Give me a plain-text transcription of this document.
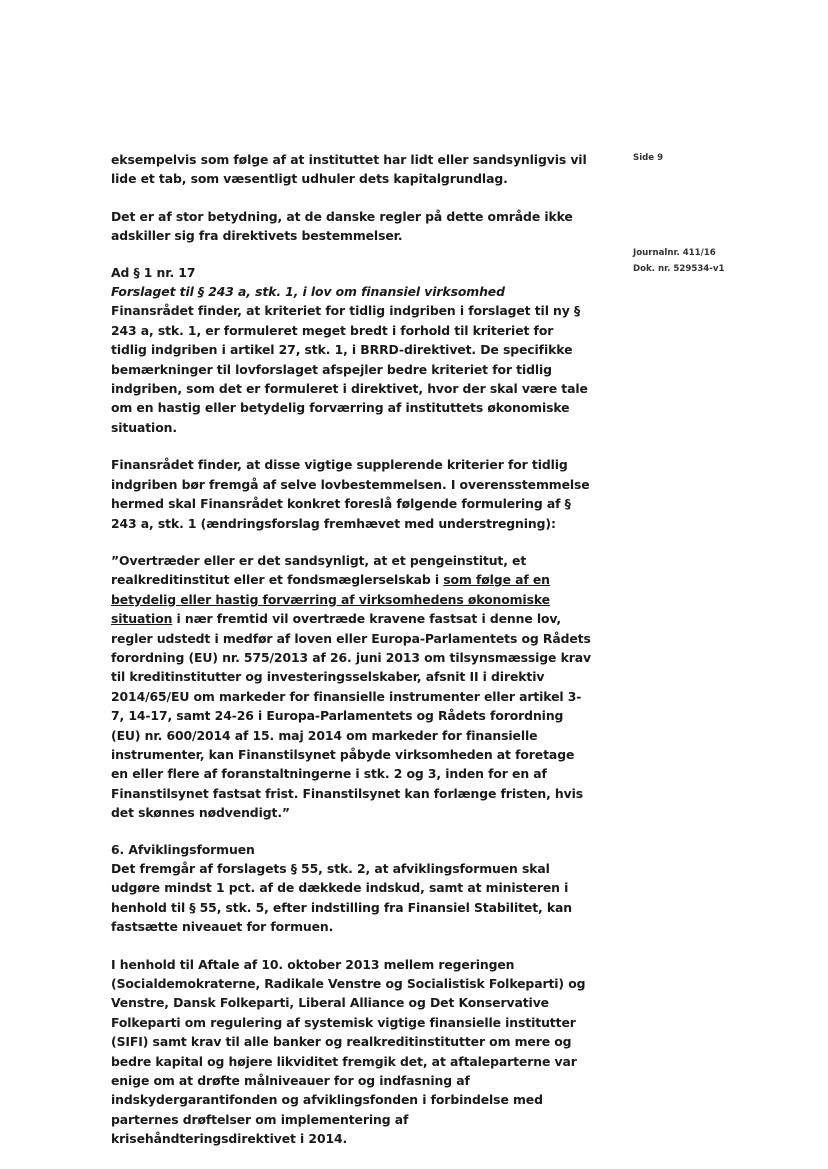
Side 9
Journalnr. 411/16
Dok. nr. 529534-v1

eksempelvis som følge af at instituttet har lidt eller sandsynligvis vil lide et tab, som væsentligt udhuler dets kapitalgrundlag.

Det er af stor betydning, at de danske regler på dette område ikke adskiller sig fra direktivets bestemmelser.

Ad § 1 nr. 17

Forslaget til § 243 a, stk. 1, i lov om finansiel virksomhed

Finansrådet finder, at kriteriet for tidlig indgriben i forslaget til ny § 243 a, stk. 1, er formuleret meget bredt i forhold til kriteriet for tidlig indgriben i artikel 27, stk. 1, i BRRD-direktivet. De specifikke bemærkninger til lovforslaget afspejler bedre kriteriet for tidlig indgriben, som det er formuleret i direktivet, hvor der skal være tale om en hastig eller betydelig forværring af instituttets økonomiske situation.

Finansrådet finder, at disse vigtige supplerende kriterier for tidlig indgriben bør fremgå af selve lovbestemmelsen. I overensstemmelse hermed skal Finansrådet konkret foreslå følgende formulering af § 243 a, stk. 1 (ændringsforslag fremhævet med understregning):

”Overtræder eller er det sandsynligt, at et pengeinstitut, et realkreditinstitut eller et fondsmæglerselskab i som følge af en betydelig eller hastig forværring af virksomhedens økonomiske situation i nær fremtid vil overtræde kravene fastsat i denne lov, regler udstedt i medfør af loven eller Europa-Parlamentets og Rådets forordning (EU) nr. 575/2013 af 26. juni 2013 om tilsynsmæssige krav til kreditinstitutter og investeringsselskaber, afsnit II i direktiv 2014/65/EU om markeder for finansielle instrumenter eller artikel 3-7, 14-17, samt 24-26 i Europa-Parlamentets og Rådets forordning (EU) nr. 600/2014 af 15. maj 2014 om markeder for finansielle instrumenter, kan Finanstilsynet påbyde virksomheden at foretage en eller flere af foranstaltningerne i stk. 2 og 3, inden for en af Finanstilsynet fastsat frist. Finanstilsynet kan forlænge fristen, hvis det skønnes nødvendigt.”

6. Afviklingsformuen

Det fremgår af forslagets § 55, stk. 2, at afviklingsformuen skal udgøre mindst 1 pct. af de dækkede indskud, samt at ministeren i henhold til § 55, stk. 5, efter indstilling fra Finansiel Stabilitet, kan fastsætte niveauet for formuen.

I henhold til Aftale af 10. oktober 2013 mellem regeringen (Socialdemokraterne, Radikale Venstre og Socialistisk Folkeparti) og Venstre, Dansk Folkeparti, Liberal Alliance og Det Konservative Folkeparti om regulering af systemisk vigtige finansielle institutter (SIFI) samt krav til alle banker og realkreditinstitutter om mere og bedre kapital og højere likviditet fremgik det, at aftaleparterne var enige om at drøfte målniveauer for og indfasning af indskydergarantifonden og afviklingsfonden i forbindelse med parternes drøftelser om implementering af krisehåndteringsdirektivet i 2014.
